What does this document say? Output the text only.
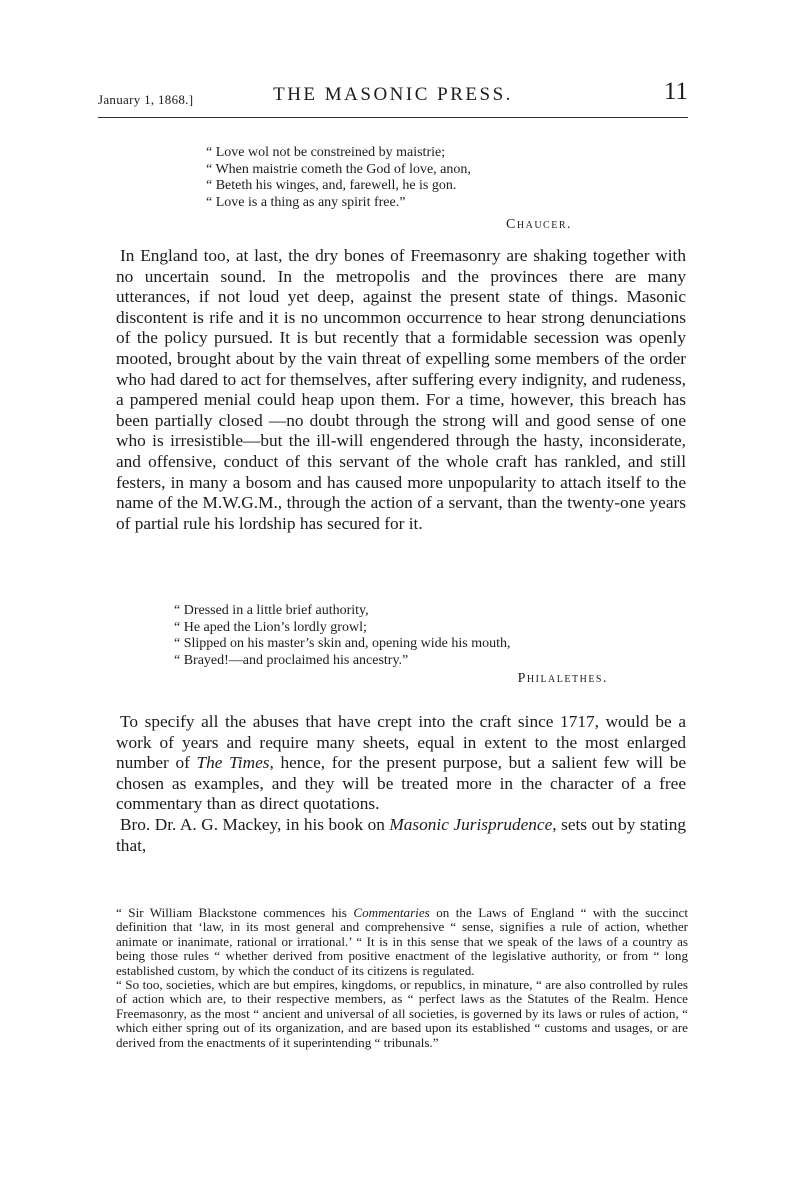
January 1, 1868.]	THE MASONIC PRESS.	11
“ Love wol not be constreined by maistrie;
“ When maistrie cometh the God of love, anon,
“ Beteth his winges, and, farewell, he is gon.
“ Love is a thing as any spirit free.”
Chaucer.

In England too, at last, the dry bones of Freemasonry are shaking together with no uncertain sound. In the metropolis and the provinces there are many utterances, if not loud yet deep, against the present state of things. Masonic discontent is rife and it is no uncommon occurrence to hear strong denunciations of the policy pursued. It is but recently that a formidable secession was openly mooted, brought about by the vain threat of expelling some members of the order who had dared to act for themselves, after suffering every indignity, and rudeness, a pampered menial could heap upon them. For a time, however, this breach has been partially closed —no doubt through the strong will and good sense of one who is irresistible—but the ill-will engendered through the hasty, inconsiderate, and offensive, conduct of this servant of the whole craft has rankled, and still festers, in many a bosom and has caused more unpopularity to attach itself to the name of the M.W.G.M., through the action of a servant, than the twenty-one years of partial rule his lordship has secured for it.

“ Dressed in a little brief authority,
“ He aped the Lion’s lordly growl;
“ Slipped on his master’s skin and, opening wide his mouth,
“ Brayed!—and proclaimed his ancestry.”
Philalethes.

To specify all the abuses that have crept into the craft since 1717, would be a work of years and require many sheets, equal in extent to the most enlarged number of The Times, hence, for the present purpose, but a salient few will be chosen as examples, and they will be treated more in the character of a free commentary than as direct quotations.

Bro. Dr. A. G. Mackey, in his book on Masonic Jurisprudence, sets out by stating that,

“ Sir William Blackstone commences his Commentaries on the Laws of England “ with the succinct definition that ‘law, in its most general and comprehensive “ sense, signifies a rule of action, whether animate or inanimate, rational or irrational.’ “ It is in this sense that we speak of the laws of a country as being those rules “ whether derived from positive enactment of the legislative authority, or from “ long established custom, by which the conduct of its citizens is regulated.

“ So too, societies, which are but empires, kingdoms, or republics, in minature, “ are also controlled by rules of action which are, to their respective members, as “ perfect laws as the Statutes of the Realm. Hence Freemasonry, as the most “ ancient and universal of all societies, is governed by its laws or rules of action, “ which either spring out of its organization, and are based upon its established “ customs and usages, or are derived from the enactments of it superintending “ tribunals.”
